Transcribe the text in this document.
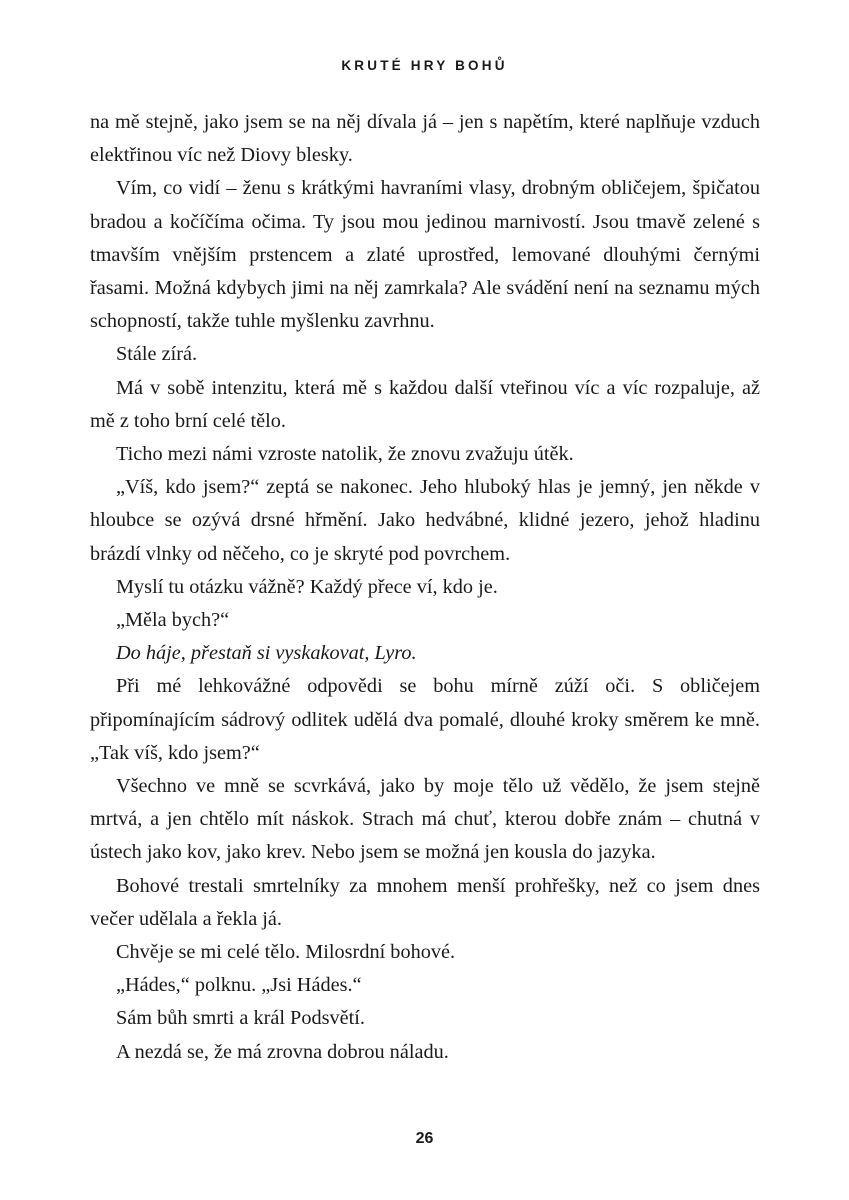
KRUTÉ HRY BOHŮ

na mě stejně, jako jsem se na něj dívala já – jen s napětím, které naplňuje vzduch elektřinou víc než Diovy blesky.

Vím, co vidí – ženu s krátkými havraními vlasy, drobným obličejem, špičatou bradou a kočíčíma očima. Ty jsou mou jedinou marnivostí. Jsou tmavě zelené s tmavším vnějším prstencem a zlaté uprostřed, lemované dlouhými černými řasami. Možná kdybych jimi na něj zamrkala? Ale svádění není na seznamu mých schopností, takže tuhle myšlenku zavrhnu.

Stále zírá.

Má v sobě intenzitu, která mě s každou další vteřinou víc a víc rozpaluje, až mě z toho brní celé tělo.

Ticho mezi námi vzroste natolik, že znovu zvažuju útěk.

„Víš, kdo jsem?“ zeptá se nakonec. Jeho hluboký hlas je jemný, jen někde v hloubce se ozývá drsné hřmění. Jako hedvábné, klidné jezero, jehož hladinu brázdí vlnky od něčeho, co je skryté pod povrchem.

Myslí tu otázku vážně? Každý přece ví, kdo je.

„Měla bych?“

Do háje, přestaň si vyskakovat, Lyro.

Při mé lehkovážné odpovědi se bohu mírně zúží oči. S obličejem připomínajícím sádrový odlitek udělá dva pomalé, dlouhé kroky směrem ke mně. „Tak víš, kdo jsem?“

Všechno ve mně se scvrkává, jako by moje tělo už vědělo, že jsem stejně mrtvá, a jen chtělo mít náskok. Strach má chuť, kterou dobře znám – chutná v ústech jako kov, jako krev. Nebo jsem se možná jen kousla do jazyka.

Bohové trestali smrtelníky za mnohem menší prohřešky, než co jsem dnes večer udělala a řekla já.

Chvěje se mi celé tělo. Milosrdní bohové.

„Hádes,“ polknu. „Jsi Hádes.“

Sám bůh smrti a král Podsvětí.

A nezdá se, že má zrovna dobrou náladu.

26
